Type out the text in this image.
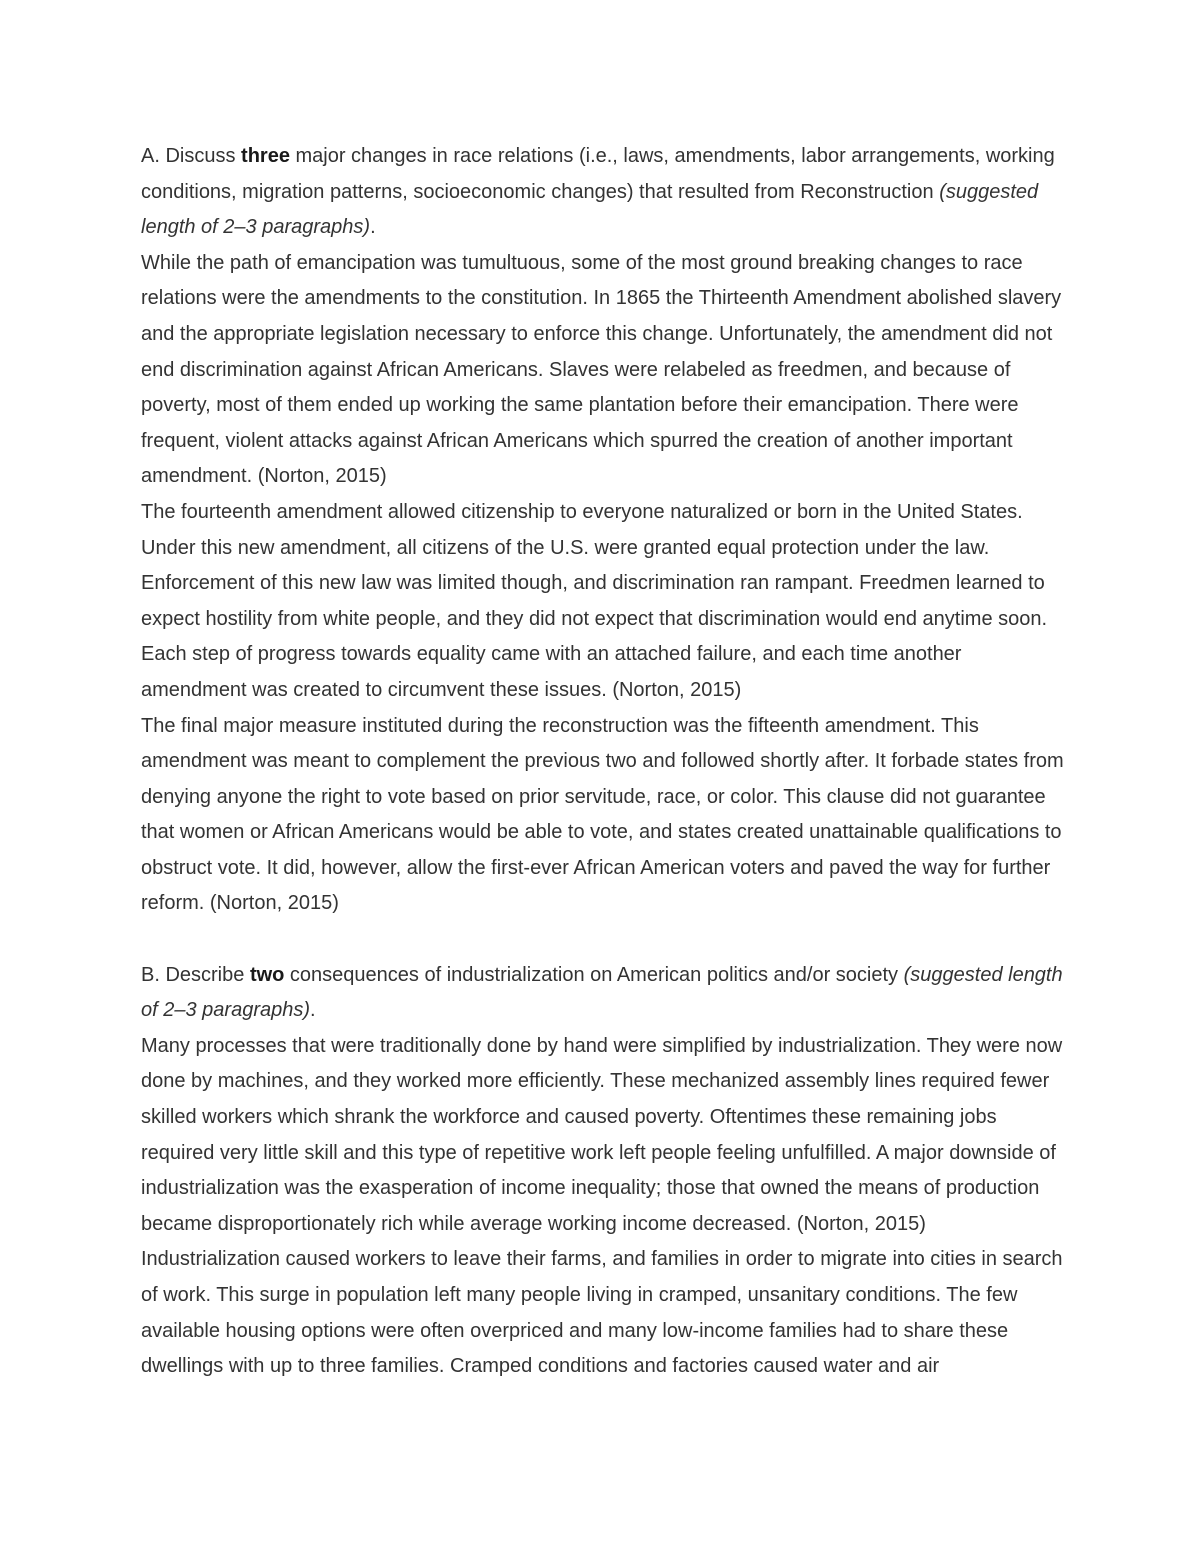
A. Discuss three major changes in race relations (i.e., laws, amendments, labor arrangements, working conditions, migration patterns, socioeconomic changes) that resulted from Reconstruction (suggested length of 2–3 paragraphs).

While the path of emancipation was tumultuous, some of the most ground breaking changes to race relations were the amendments to the constitution. In 1865 the Thirteenth Amendment abolished slavery and the appropriate legislation necessary to enforce this change. Unfortunately, the amendment did not end discrimination against African Americans. Slaves were relabeled as freedmen, and because of poverty, most of them ended up working the same plantation before their emancipation. There were frequent, violent attacks against African Americans which spurred the creation of another important amendment. (Norton, 2015)

The fourteenth amendment allowed citizenship to everyone naturalized or born in the United States. Under this new amendment, all citizens of the U.S. were granted equal protection under the law. Enforcement of this new law was limited though, and discrimination ran rampant. Freedmen learned to expect hostility from white people, and they did not expect that discrimination would end anytime soon. Each step of progress towards equality came with an attached failure, and each time another amendment was created to circumvent these issues. (Norton, 2015)

The final major measure instituted during the reconstruction was the fifteenth amendment. This amendment was meant to complement the previous two and followed shortly after. It forbade states from denying anyone the right to vote based on prior servitude, race, or color. This clause did not guarantee that women or African Americans would be able to vote, and states created unattainable qualifications to obstruct vote. It did, however, allow the first-ever African American voters and paved the way for further reform. (Norton, 2015)

B. Describe two consequences of industrialization on American politics and/or society (suggested length of 2–3 paragraphs).

Many processes that were traditionally done by hand were simplified by industrialization. They were now done by machines, and they worked more efficiently. These mechanized assembly lines required fewer skilled workers which shrank the workforce and caused poverty. Oftentimes these remaining jobs required very little skill and this type of repetitive work left people feeling unfulfilled. A major downside of industrialization was the exasperation of income inequality; those that owned the means of production became disproportionately rich while average working income decreased. (Norton, 2015)

Industrialization caused workers to leave their farms, and families in order to migrate into cities in search of work. This surge in population left many people living in cramped, unsanitary conditions. The few available housing options were often overpriced and many low-income families had to share these dwellings with up to three families. Cramped conditions and factories caused water and air
